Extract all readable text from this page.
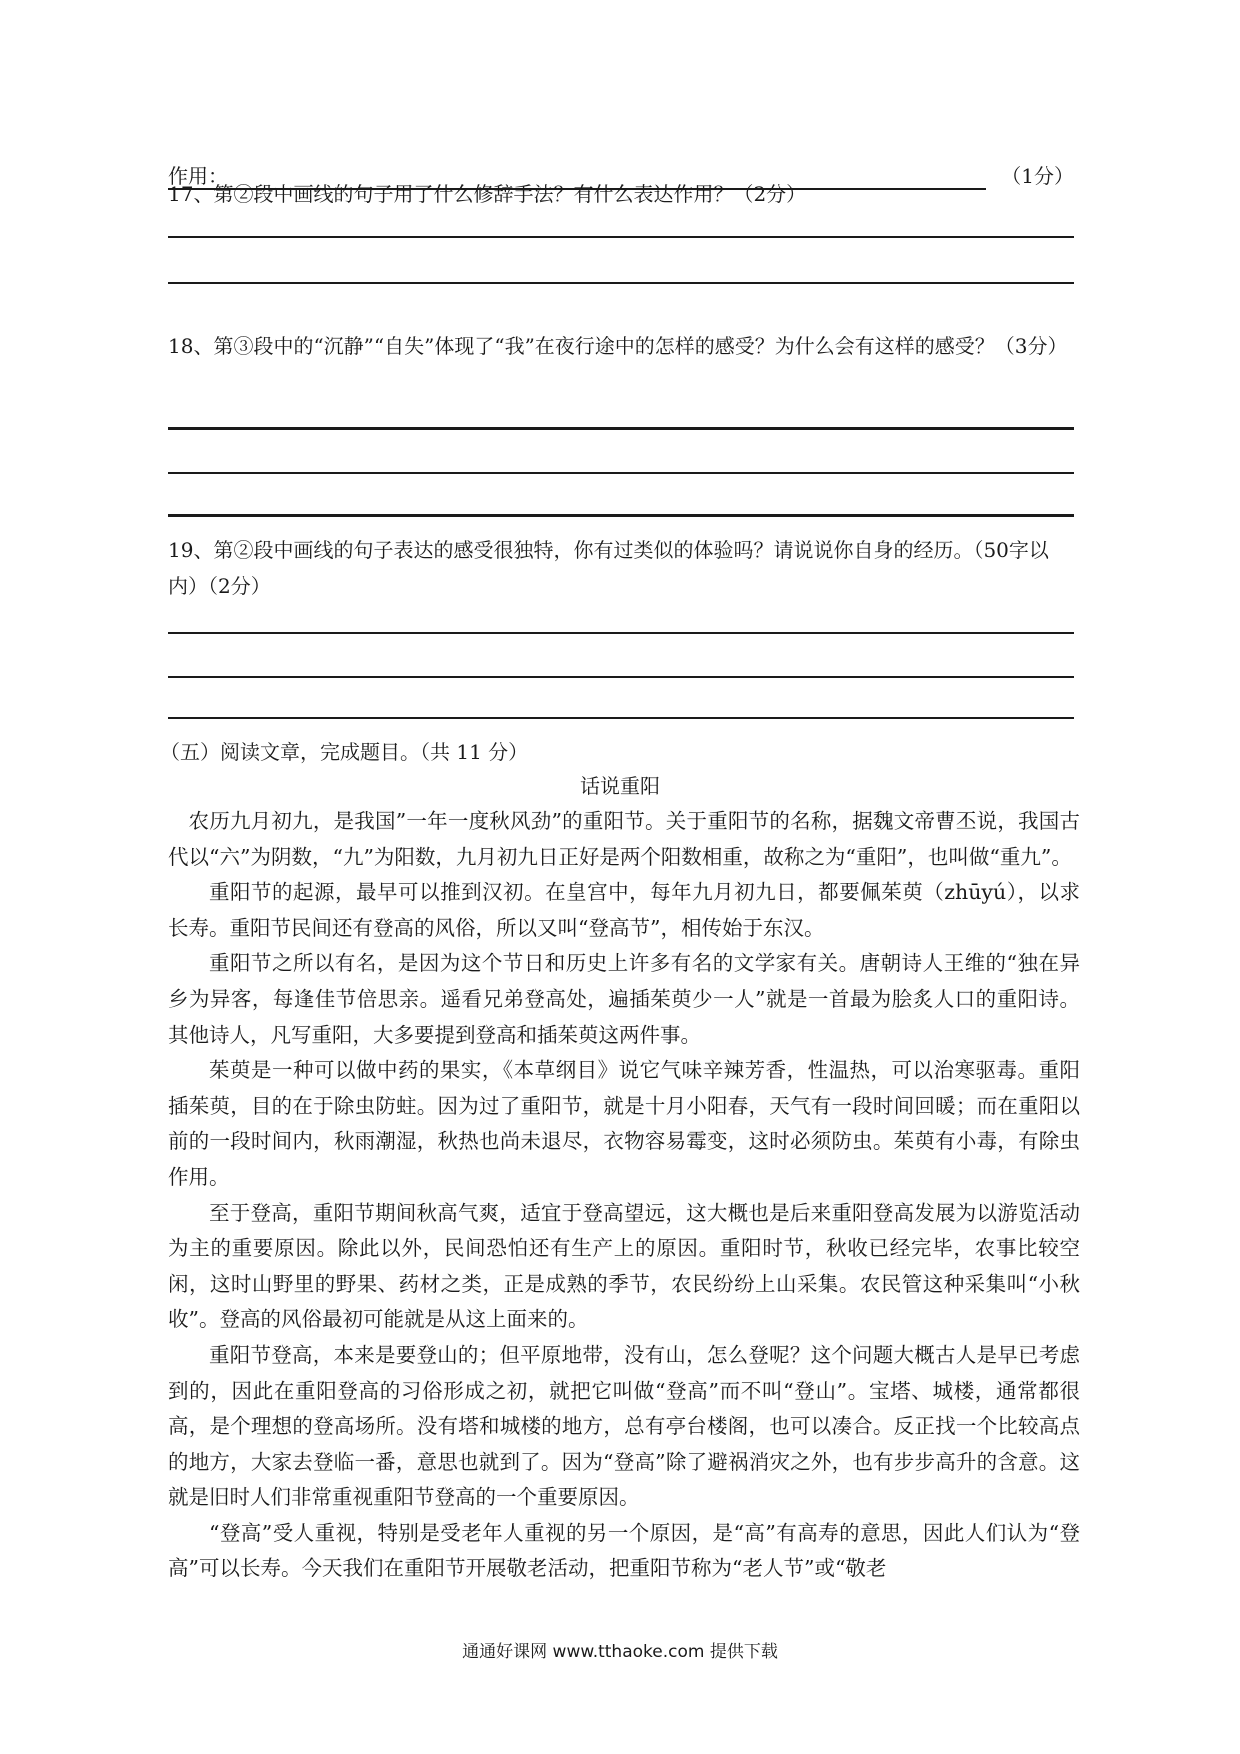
作用：	（1分）
17、第②段中画线的句子用了什么修辞手法？有什么表达作用？（2分）
18、第③段中的“沉静”“自失”体现了“我”在夜行途中的怎样的感受？为什么会有这样的感受？（3分）
19、第②段中画线的句子表达的感受很独特，你有过类似的体验吗？请说说你自身的经历。（50字以内）（2分）
（五）阅读文章，完成题目。（共 11 分）
话说重阳

农历九月初九，是我国”一年一度秋风劲”的重阳节。关于重阳节的名称，据魏文帝曹丕说，我国古代以“六”为阴数，“九”为阳数，九月初九日正好是两个阳数相重，故称之为“重阳”，也叫做“重九”。

重阳节的起源，最早可以推到汉初。在皇宫中，每年九月初九日，都要佩茱萸（zhūyú），以求长寿。重阳节民间还有登高的风俗，所以又叫“登高节”，相传始于东汉。

重阳节之所以有名，是因为这个节日和历史上许多有名的文学家有关。唐朝诗人王维的“独在异乡为异客，每逢佳节倍思亲。遥看兄弟登高处，遍插茱萸少一人”就是一首最为脍炙人口的重阳诗。其他诗人，凡写重阳，大多要提到登高和插茱萸这两件事。

茱萸是一种可以做中药的果实，《本草纲目》说它气味辛辣芳香，性温热，可以治寒驱毒。重阳插茱萸，目的在于除虫防蛀。因为过了重阳节，就是十月小阳春，天气有一段时间回暖；而在重阳以前的一段时间内，秋雨潮湿，秋热也尚未退尽，衣物容易霉变，这时必须防虫。茱萸有小毒，有除虫作用。

至于登高，重阳节期间秋高气爽，适宜于登高望远，这大概也是后来重阳登高发展为以游览活动为主的重要原因。除此以外，民间恐怕还有生产上的原因。重阳时节，秋收已经完毕，农事比较空闲，这时山野里的野果、药材之类，正是成熟的季节，农民纷纷上山采集。农民管这种采集叫“小秋收”。登高的风俗最初可能就是从这上面来的。

重阳节登高，本来是要登山的；但平原地带，没有山，怎么登呢？这个问题大概古人是早已考虑到的，因此在重阳登高的习俗形成之初，就把它叫做“登高”而不叫“登山”。宝塔、城楼，通常都很高，是个理想的登高场所。没有塔和城楼的地方，总有亭台楼阁，也可以凑合。反正找一个比较高点的地方，大家去登临一番，意思也就到了。因为“登高”除了避祸消灾之外，也有步步高升的含意。这就是旧时人们非常重视重阳节登高的一个重要原因。

“登高”受人重视，特别是受老年人重视的另一个原因，是“高”有高寿的意思，因此人们认为“登高”可以长寿。今天我们在重阳节开展敬老活动，把重阳节称为“老人节”或“敬老

通通好课网 www.tthaoke.com 提供下载
